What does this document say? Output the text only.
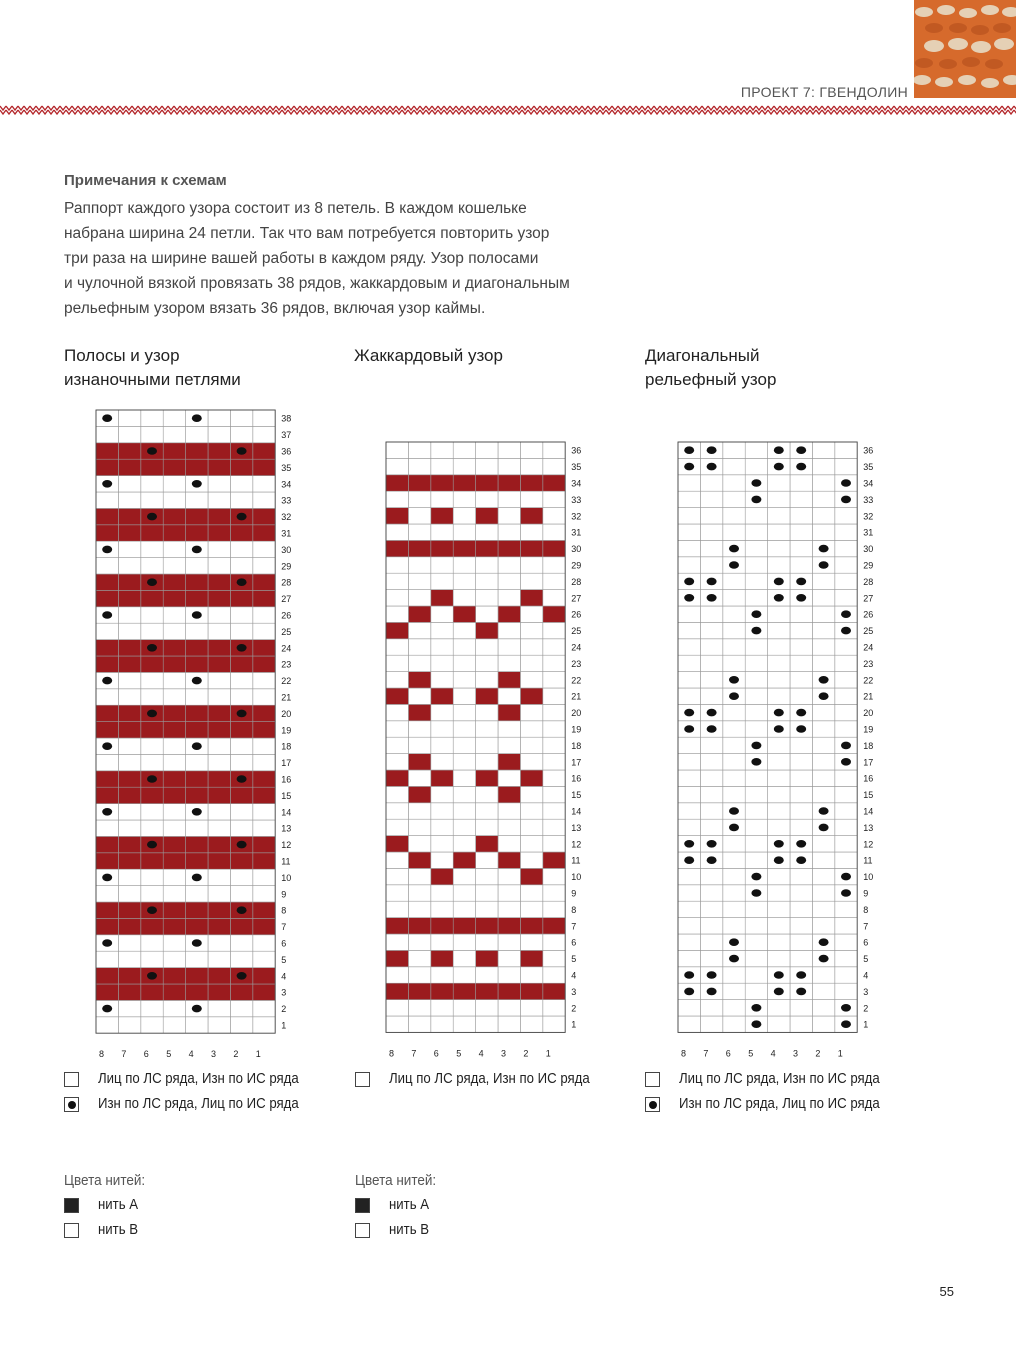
ПРОЕКТ 7: ГВЕНДОЛИН
Примечания к схемам
Раппорт каждого узора состоит из 8 петель. В каждом кошельке
набрана ширина 24 петли. Так что вам потребуется повторить узор
три раза на ширине вашей работы в каждом ряду. Узор полосами
и чулочной вязкой провязать 38 рядов, жаккардовым и диагональным
рельефным узором вязать 36 рядов, включая узор каймы.
Полосы и узор
изнаночными петлями
Жаккардовый узор	Диагональный
рельефный узор
38
37
36
35
34
33
32
31
30
29
28
27
26
25
24
23
22
21
20
19
18
17
16
15
14
13
12
11
10
9
8
7
6
5
4
3
2
1
8 7 6 5 4 3 2 1
36
35
34
33
32
31
30
29
28
27
26
25
24
23
22
21
20
19
18
17
16
15
14
13
12
11
10
9
8
7
6
5
4
3
2
1
8 7 6 5 4 3 2 1
36
35
34
33
32
31
30
29
28
27
26
25
24
23
22
21
20
19
18
17
16
15
14
13
12
11
10
9
8
7
6
5
4
3
2
1
8 7 6 5 4 3 2 1
Лиц по ЛС ряда, Изн по ИС ряда
Изн по ЛС ряда, Лиц по ИС ряда
Лиц по ЛС ряда, Изн по ИС ряда	Лиц по ЛС ряда, Изн по ИС ряда
Изн по ЛС ряда, Лиц по ИС ряда
Цвета нитей:
нить A
нить B
Цвета нитей:
нить A
нить B
55
